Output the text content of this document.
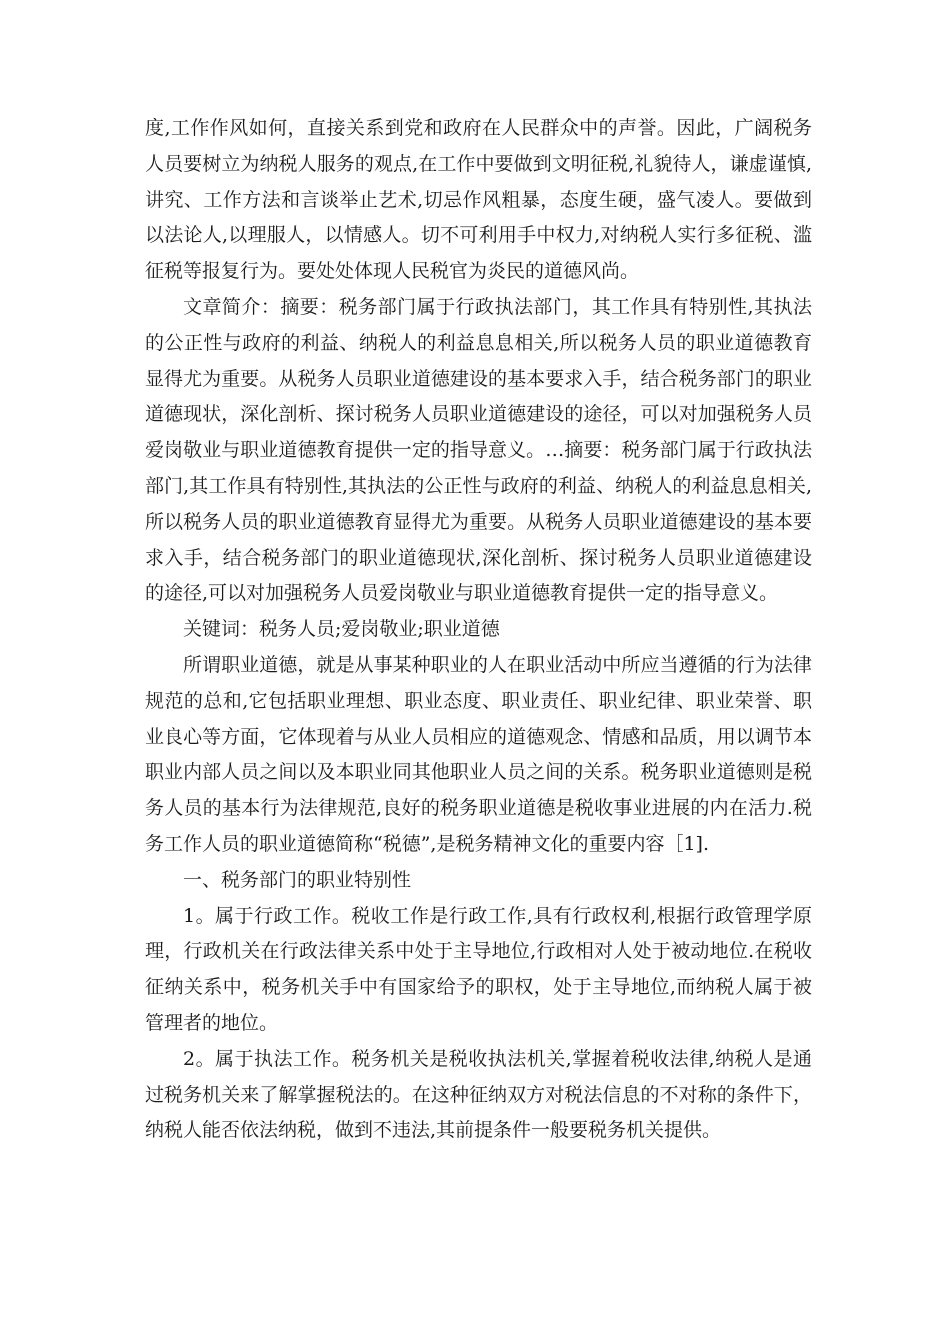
度,工作作风如何，直接关系到党和政府在人民群众中的声誉。因此，广阔税务人员要树立为纳税人服务的观点,在工作中要做到文明征税,礼貌待人，谦虚谨慎,讲究、工作方法和言谈举止艺术,切忌作风粗暴，态度生硬，盛气凌人。要做到以法论人,以理服人，以情感人。切不可利用手中权力,对纳税人实行多征税、滥征税等报复行为。要处处体现人民税官为炎民的道德风尚。

文章简介：摘要：税务部门属于行政执法部门，其工作具有特别性,其执法的公正性与政府的利益、纳税人的利益息息相关,所以税务人员的职业道德教育显得尤为重要。从税务人员职业道德建设的基本要求入手，结合税务部门的职业道德现状，深化剖析、探讨税务人员职业道德建设的途径，可以对加强税务人员爱岗敬业与职业道德教育提供一定的指导意义。…摘要：税务部门属于行政执法部门,其工作具有特别性,其执法的公正性与政府的利益、纳税人的利益息息相关,所以税务人员的职业道德教育显得尤为重要。从税务人员职业道德建设的基本要求入手，结合税务部门的职业道德现状,深化剖析、探讨税务人员职业道德建设的途径,可以对加强税务人员爱岗敬业与职业道德教育提供一定的指导意义。

关键词：税务人员;爱岗敬业;职业道德

所谓职业道德，就是从事某种职业的人在职业活动中所应当遵循的行为法律规范的总和,它包括职业理想、职业态度、职业责任、职业纪律、职业荣誉、职业良心等方面，它体现着与从业人员相应的道德观念、情感和品质，用以调节本职业内部人员之间以及本职业同其他职业人员之间的关系。税务职业道德则是税务人员的基本行为法律规范,良好的税务职业道德是税收事业进展的内在活力.税务工作人员的职业道德简称“税德”,是税务精神文化的重要内容［1].

一、税务部门的职业特别性

1。属于行政工作。税收工作是行政工作,具有行政权利,根据行政管理学原理，行政机关在行政法律关系中处于主导地位,行政相对人处于被动地位.在税收征纳关系中，税务机关手中有国家给予的职权，处于主导地位,而纳税人属于被管理者的地位。

2。属于执法工作。税务机关是税收执法机关,掌握着税收法律,纳税人是通过税务机关来了解掌握税法的。在这种征纳双方对税法信息的不对称的条件下，纳税人能否依法纳税，做到不违法,其前提条件一般要税务机关提供。
